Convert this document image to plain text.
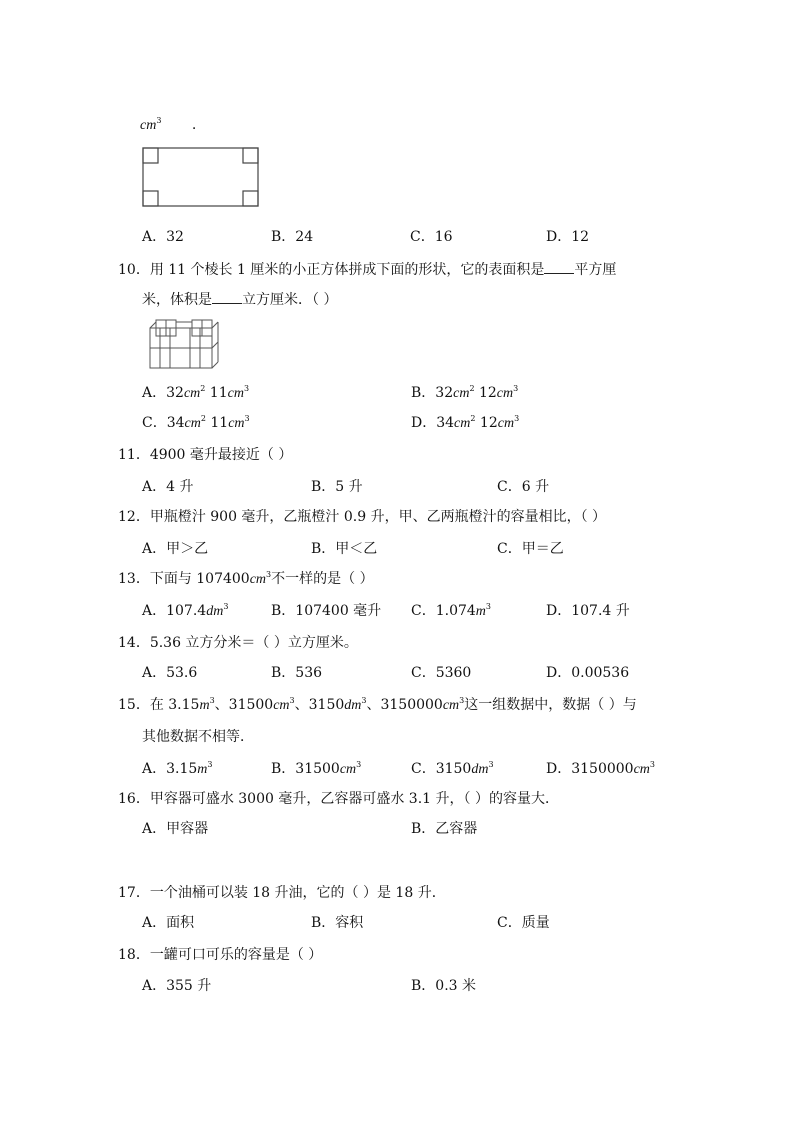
$cm^3$ .
A．32	B．24	C．16	D．12
10．用 11 个棱长 1 厘米的小正方体拼成下面的形状，它的表面积是 平方厘
米，体积是 立方厘米．（ ）
A．$32cm^2$ $11cm^3$	B．$32cm^2$ $12cm^3$
C．$34cm^2$ $11cm^3$	D．$34cm^2$ $12cm^3$
11．4900 毫升最接近（ ）
A．4 升	B．5 升	C．6 升
12．甲瓶橙汁 900 毫升，乙瓶橙汁 0.9 升，甲、乙两瓶橙汁的容量相比，（ ）
A．甲＞乙	B．甲＜乙	C．甲＝乙
13．下面与 $107400cm^3$不一样的是（ ）
A．$107.4dm^3$	B．107400 毫升 C．$1.074m^3$	D．107.4 升
14．5.36 立方分米＝（ ）立方厘米。
A．53.6	B．536	C．5360	D．0.00536
15．在 $3.15m^3$、$31500cm^3$、$3150dm^3$、$3150000cm^3$这一组数据中，数据（ ）与
其他数据不相等．
A．$3.15m^3$	B．$31500cm^3$	C．$3150dm^3$	D．$3150000cm^3$
16．甲容器可盛水 3000 毫升，乙容器可盛水 3.1 升，（ ）的容量大．
A．甲容器	B．乙容器
17．一个油桶可以装 18 升油，它的（ ）是 18 升．
A．面积	B．容积	C．质量
18．一罐可口可乐的容量是（ ）
A．355 升	B．0.3 米
